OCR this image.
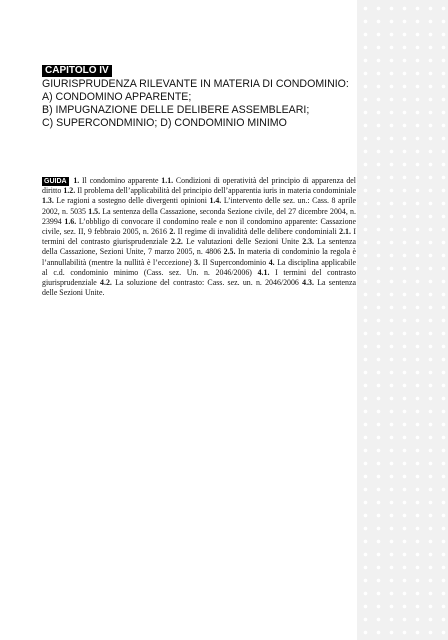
CAPITOLO IV
GIURISPRUDENZA RILEVANTE IN MATERIA DI CONDOMINIO:
A) CONDOMINO APPARENTE;
B) IMPUGNAZIONE DELLE DELIBERE ASSEMBLEARI;
C) SUPERCONDMINIO; D) CONDOMINIO MINIMO
GUIDA 1. Il condomino apparente 1.1. Condizioni di operatività del principio di apparenza del diritto 1.2. Il problema dell’applicabilità del principio dell’apparentia iuris in materia condominiale 1.3. Le ragioni a sostegno delle divergenti opinioni 1.4. L’intervento delle sez. un.: Cass. 8 aprile 2002, n. 5035 1.5. La sentenza della Cassazione, seconda Sezione civile, del 27 dicembre 2004, n. 23994 1.6. L’obbligo di convocare il condomino reale e non il condomino apparente: Cassazione civile, sez. II, 9 febbraio 2005, n. 2616 2. Il regime di invalidità delle delibere condominiali 2.1. I termini del contrasto giurisprudenziale 2.2. Le valutazioni delle Sezioni Unite 2.3. La sentenza della Cassazione, Sezioni Unite, 7 marzo 2005, n. 4806 2.5. In materia di condominio la regola è l’annullabilità (mentre la nullità è l’eccezione) 3. Il Supercondominio 4. La disciplina applicabile al c.d. condominio minimo (Cass. sez. Un. n. 2046/2006) 4.1. I termini del contrasto giurisprudenziale 4.2. La soluzione del contrasto: Cass. sez. un. n. 2046/2006 4.3. La sentenza delle Sezioni Unite.
